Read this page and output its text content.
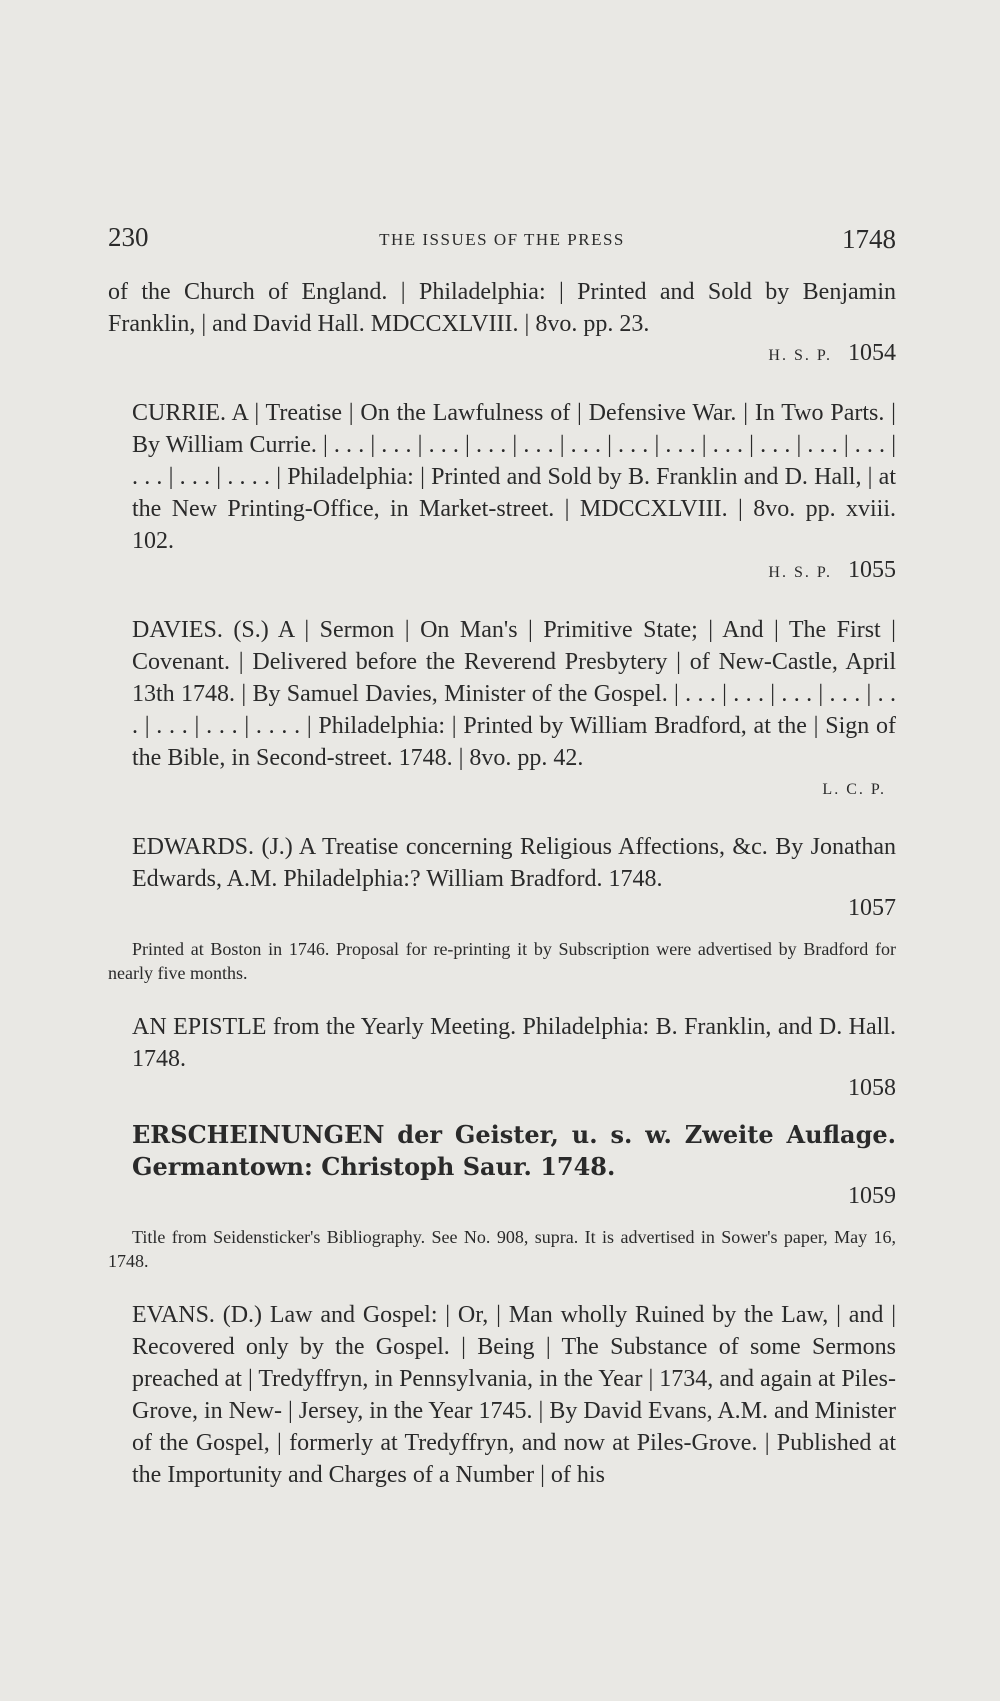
230	THE ISSUES OF THE PRESS	1748

of the Church of England. | Philadelphia: | Printed and Sold by Benjamin Franklin, | and David Hall. MDCCXLVIII. | 8vo. pp. 23.

H. S. P. 1054

CURRIE. A | Treatise | On the Lawfulness of | Defensive War. | In Two Parts. | By William Currie. | . . . | . . . | . . . | . . . | . . . | . . . | . . . | . . . | . . . | . . . | . . . | . . . | . . . | . . . | . . . . | Philadelphia: | Printed and Sold by B. Franklin and D. Hall, | at the New Printing-Office, in Market-street. | MDCCXLVIII. | 8vo. pp. xviii. 102.

H. S. P. 1055

DAVIES. (S.) A | Sermon | On Man's | Primitive State; | And | The First | Covenant. | Delivered before the Reverend Presbytery | of New-Castle, April 13th 1748. | By Samuel Davies, Minister of the Gospel. | . . . | . . . | . . . | . . . | . . . | . . . | . . . | . . . . | Philadelphia: | Printed by William Bradford, at the | Sign of the Bible, in Second-street. 1748. | 8vo. pp. 42.

L. C. P.

EDWARDS. (J.) A Treatise concerning Religious Affections, &c. By Jonathan Edwards, A.M. Philadelphia:? William Bradford. 1748.

1057

Printed at Boston in 1746. Proposal for re-printing it by Subscription were advertised by Bradford for nearly five months.

AN EPISTLE from the Yearly Meeting. Philadelphia: B. Franklin, and D. Hall. 1748.

1058

ERSCHEINUNGEN der Geister, u. s. w. Zweite Auflage. Germantown: Christoph Saur. 1748.

1059

Title from Seidensticker's Bibliography. See No. 908, supra. It is advertised in Sower's paper, May 16, 1748.

EVANS. (D.) Law and Gospel: | Or, | Man wholly Ruined by the Law, | and | Recovered only by the Gospel. | Being | The Substance of some Sermons preached at | Tredyffryn, in Pennsylvania, in the Year | 1734, and again at Piles-Grove, in New- | Jersey, in the Year 1745. | By David Evans, A.M. and Minister of the Gospel, | formerly at Tredyffryn, and now at Piles-Grove. | Published at the Importunity and Charges of a Number | of his
